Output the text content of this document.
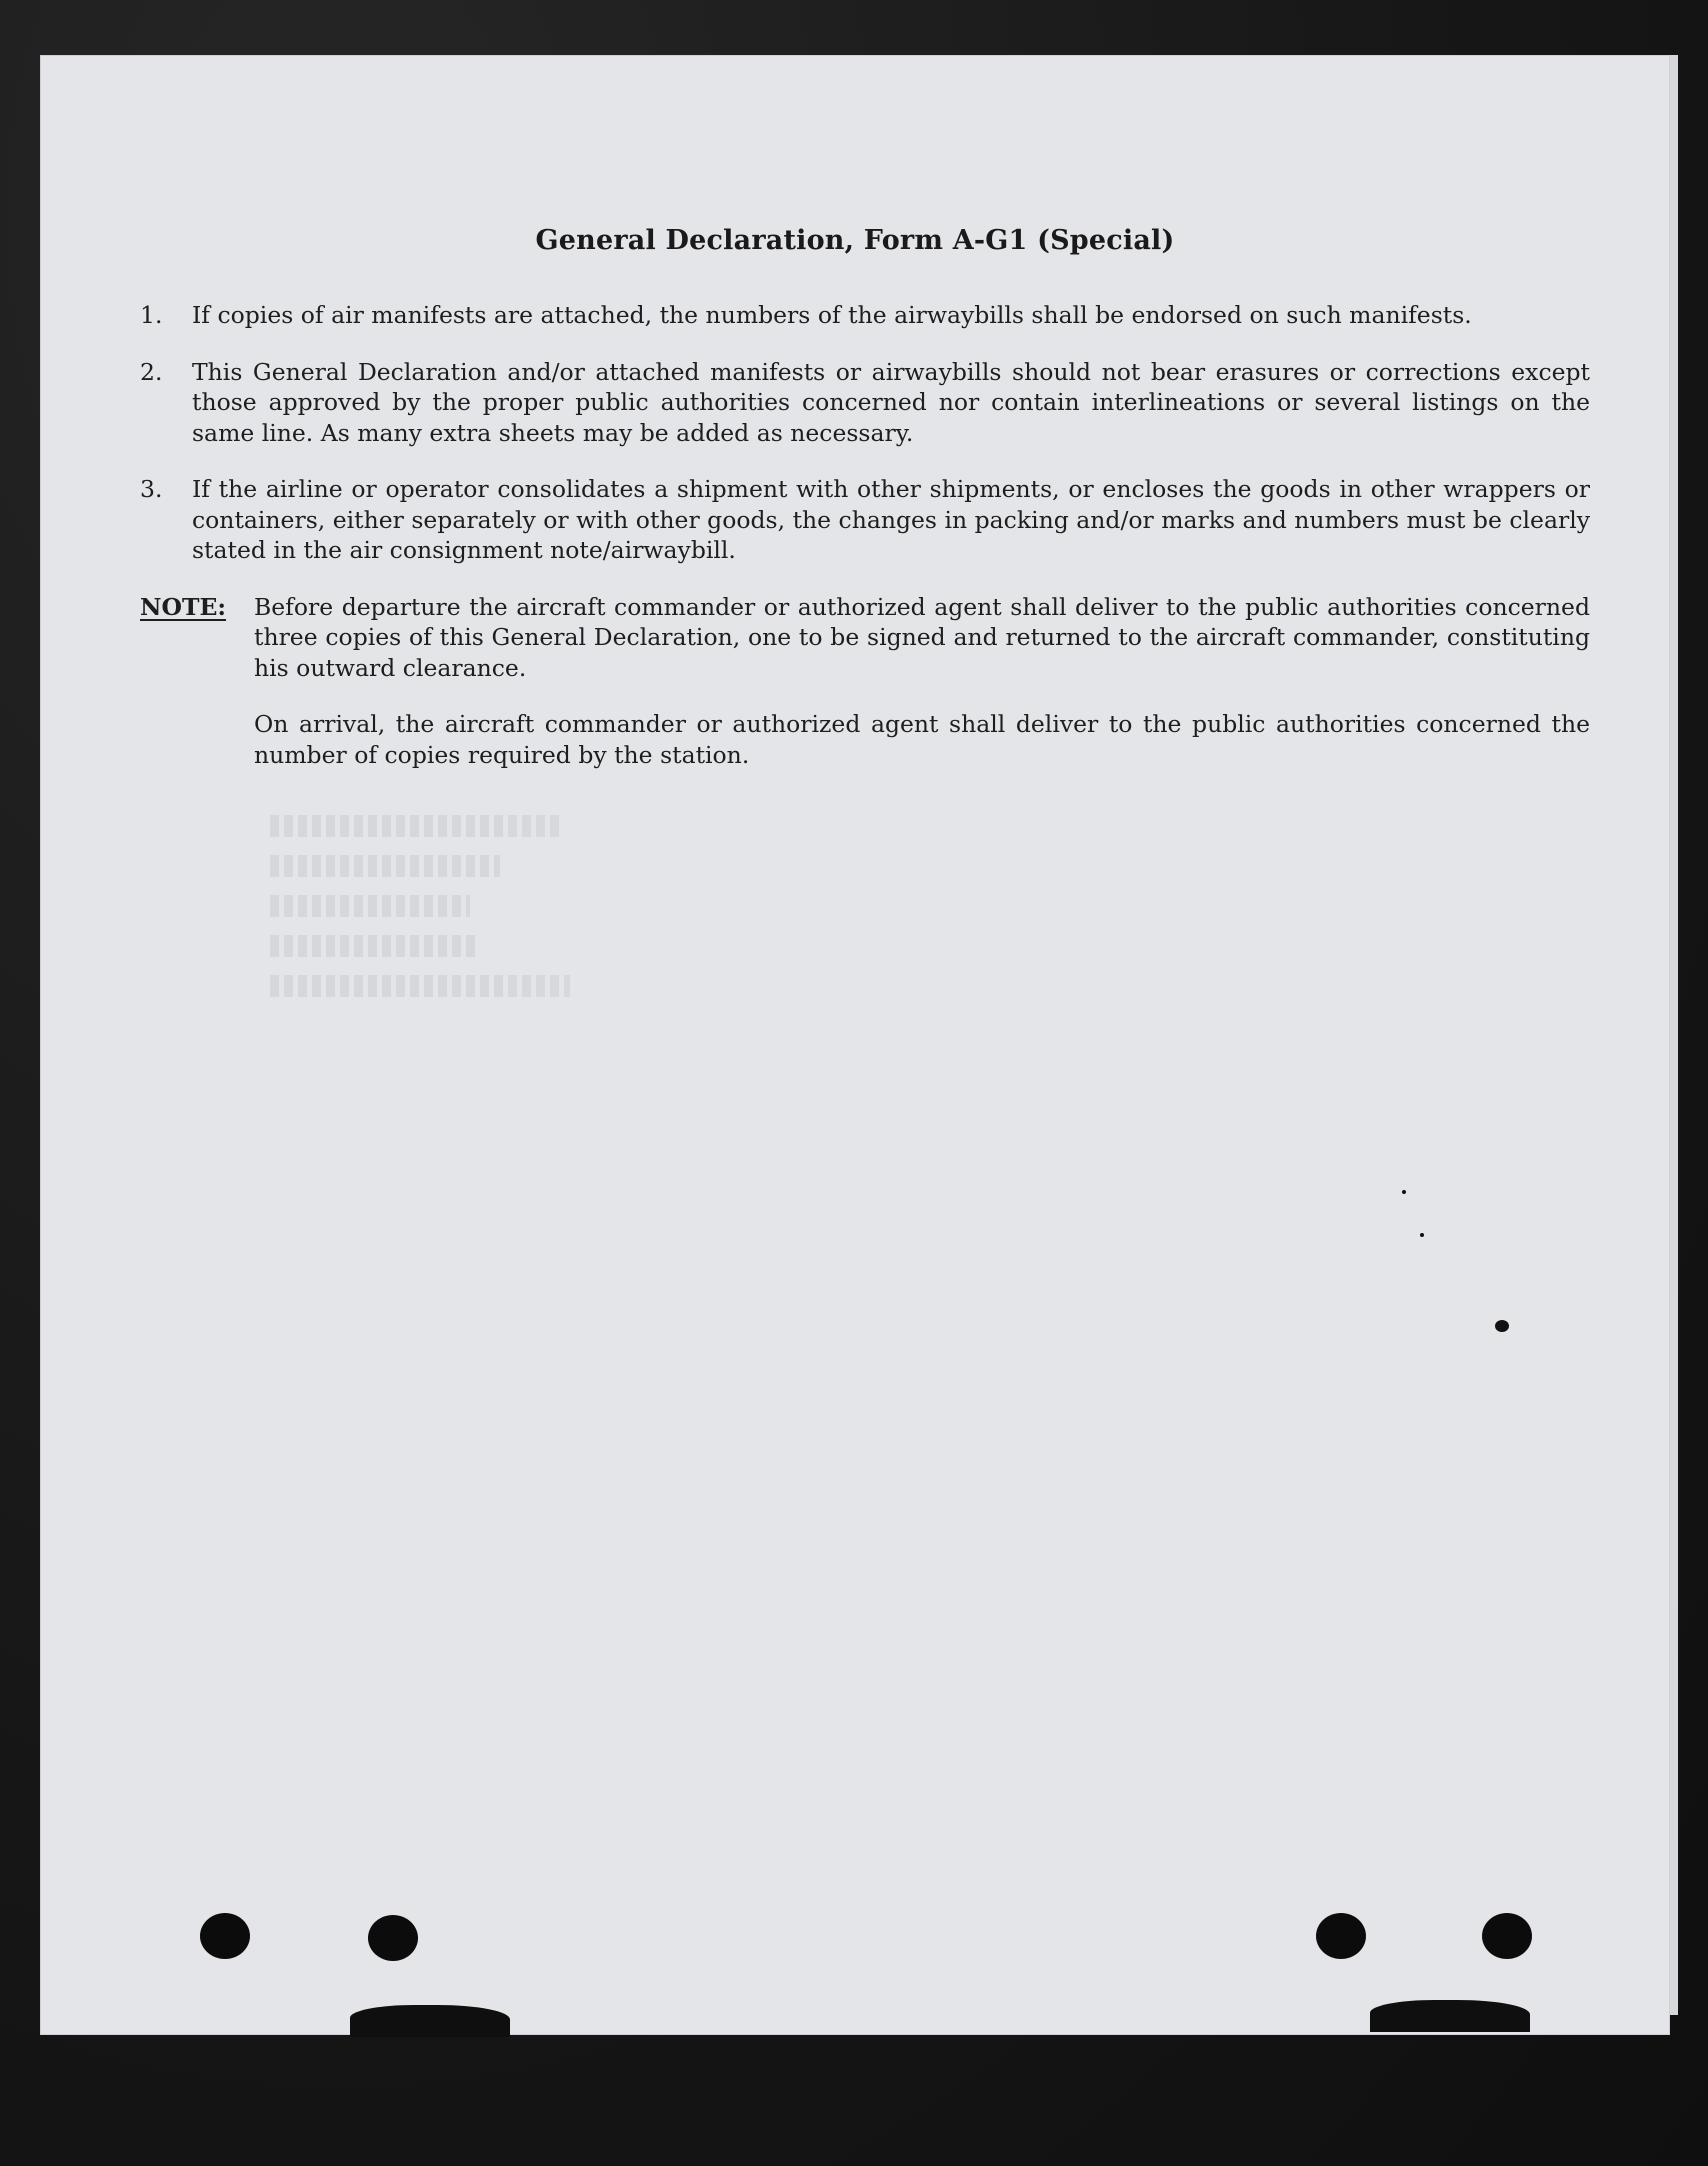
General Declaration, Form A-G1 (Special)
1.	If copies of air manifests are attached, the numbers of the airwaybills shall be endorsed on such manifests.
2.	This General Declaration and/or attached manifests or airwaybills should not bear erasures or corrections except those approved by the proper public authorities concerned nor contain interlineations or several listings on the same line. As many extra sheets may be added as necessary.
3.	If the airline or operator consolidates a shipment with other shipments, or encloses the goods in other wrappers or containers, either separately or with other goods, the changes in packing and/or marks and numbers must be clearly stated in the air consignment note/airwaybill.
NOTE:	Before departure the aircraft commander or authorized agent shall deliver to the public authorities concerned three copies of this General Declaration, one to be signed and returned to the aircraft commander, constituting his outward clearance.

On arrival, the aircraft commander or authorized agent shall deliver to the public authorities concerned the number of copies required by the station.
